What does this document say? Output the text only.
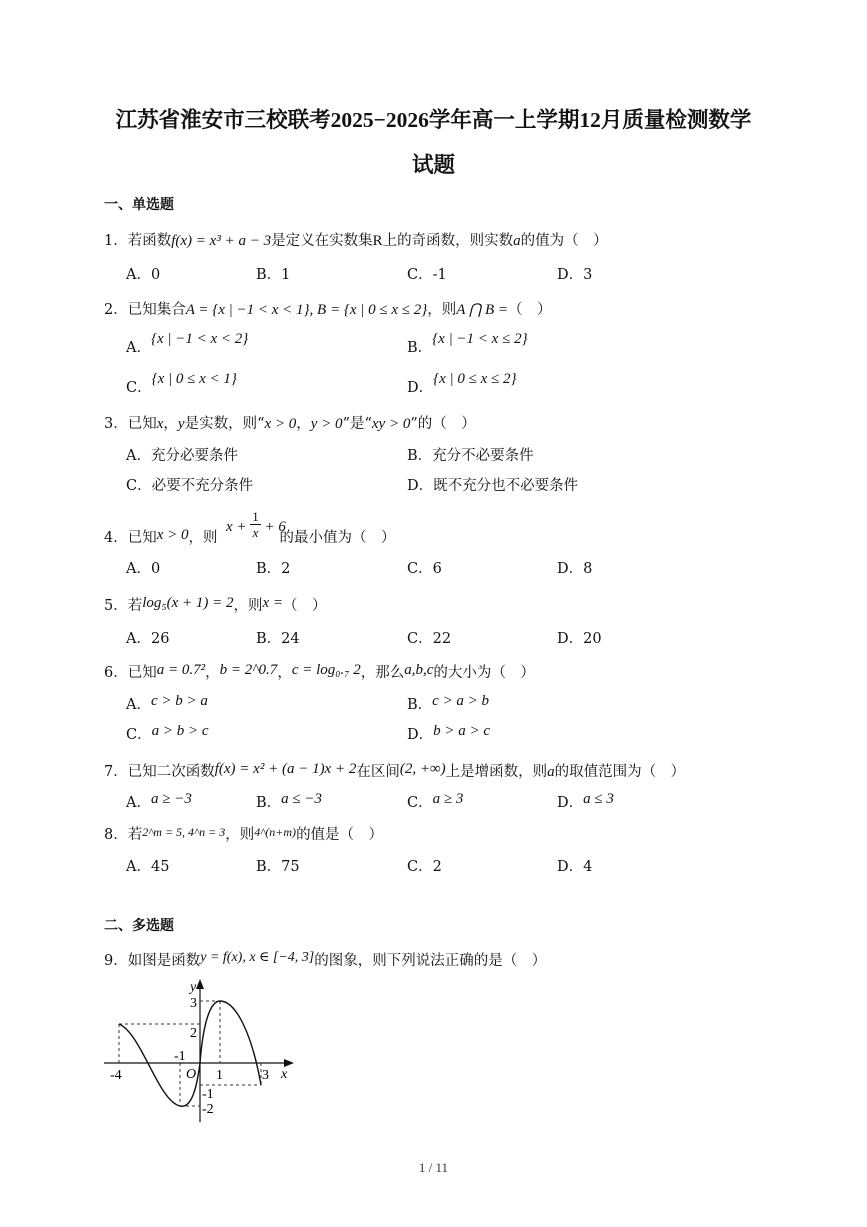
江苏省淮安市三校联考2025−2026学年高一上学期12月质量检测数学
试题
一、单选题
1．若函数f(x) = x³ + a − 3是定义在实数集R上的奇函数，则实数a的值为（　）
A．0	B．1	C．-1	D．3
2．已知集合A = {x | −1 < x < 1}, B = {x | 0 ≤ x ≤ 2}，则A ⋂ B =（　）
A．{x | −1 < x < 2}
B．{x | −1 < x ≤ 2}
C．{x | 0 ≤ x < 1}
D．{x | 0 ≤ x ≤ 2}
3．已知x，y是实数，则“x > 0，y > 0”是“xy > 0”的（　）
A．充分必要条件	B．充分不必要条件
C．必要不充分条件	D．既不充分也不必要条件
4．已知x > 0，则	的最小值为（　）
$x + \frac{1}{x} + 6$
A．0	B．2	C．6	D．8
5．若log₅(x + 1) = 2，则x =（　）
A．26	B．24	C．22	D．20
6．已知a = 0.7²，b = 2^0.7，c = log₀.₇ 2，那么a,b,c的大小为（　）
A．c > b > a	B．c > a > b
C．a > b > c	D．b > a > c
7．已知二次函数f(x) = x² + (a − 1)x + 2在区间(2, +∞)上是增函数，则a的取值范围为（　）
A．a ≥ −3	B．a ≤ −3	C．a ≥ 3	D．a ≤ 3
8．若$^{2\^{}m = 5, 4\^{}n = 3}$，则$^{4\^{}(n+m)}$的值是（　）
A．45	B．75	C．2	D．4
二、多选题
9．如图是函数y = f(x), x ∈ [−4, 3]的图象，则下列说法正确的是（　）
y
x
O
-4
-1
1	3
3
2
-1
-2
1 / 11
